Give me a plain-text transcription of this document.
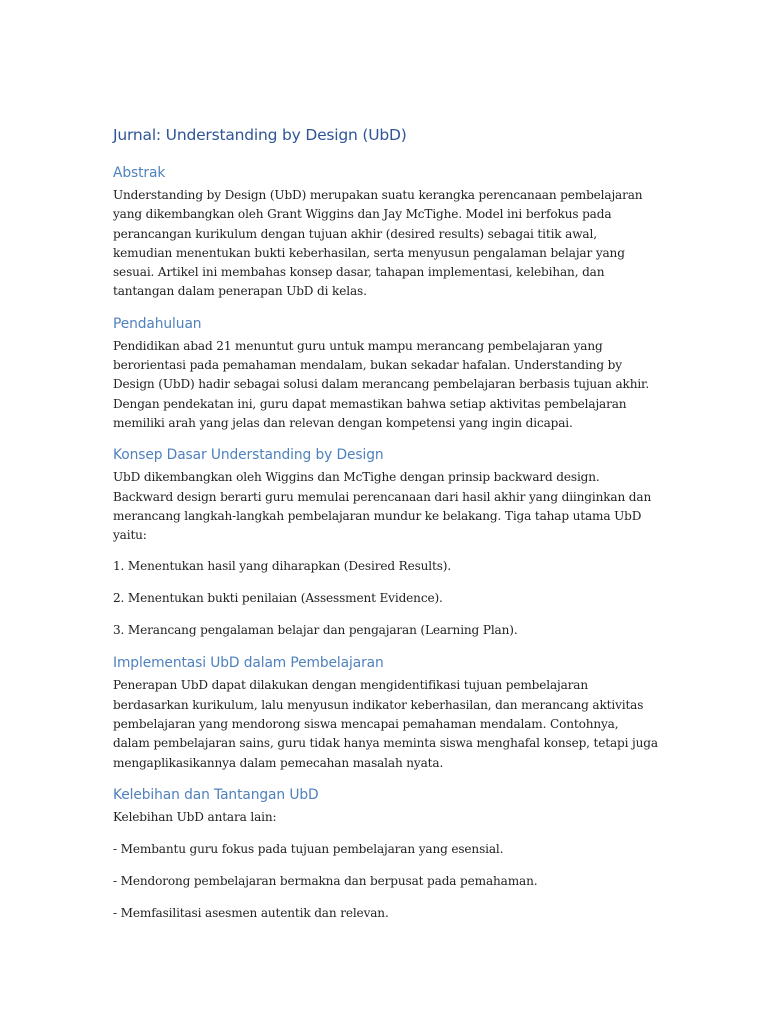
Jurnal: Understanding by Design (UbD)
Abstrak

Understanding by Design (UbD) merupakan suatu kerangka perencanaan pembelajaran yang dikembangkan oleh Grant Wiggins dan Jay McTighe. Model ini berfokus pada perancangan kurikulum dengan tujuan akhir (desired results) sebagai titik awal, kemudian menentukan bukti keberhasilan, serta menyusun pengalaman belajar yang sesuai. Artikel ini membahas konsep dasar, tahapan implementasi, kelebihan, dan tantangan dalam penerapan UbD di kelas.

Pendahuluan

Pendidikan abad 21 menuntut guru untuk mampu merancang pembelajaran yang berorientasi pada pemahaman mendalam, bukan sekadar hafalan. Understanding by Design (UbD) hadir sebagai solusi dalam merancang pembelajaran berbasis tujuan akhir. Dengan pendekatan ini, guru dapat memastikan bahwa setiap aktivitas pembelajaran memiliki arah yang jelas dan relevan dengan kompetensi yang ingin dicapai.

Konsep Dasar Understanding by Design

UbD dikembangkan oleh Wiggins dan McTighe dengan prinsip backward design. Backward design berarti guru memulai perencanaan dari hasil akhir yang diinginkan dan merancang langkah-langkah pembelajaran mundur ke belakang. Tiga tahap utama UbD yaitu:

1. Menentukan hasil yang diharapkan (Desired Results).

2. Menentukan bukti penilaian (Assessment Evidence).

3. Merancang pengalaman belajar dan pengajaran (Learning Plan).

Implementasi UbD dalam Pembelajaran

Penerapan UbD dapat dilakukan dengan mengidentifikasi tujuan pembelajaran berdasarkan kurikulum, lalu menyusun indikator keberhasilan, dan merancang aktivitas pembelajaran yang mendorong siswa mencapai pemahaman mendalam. Contohnya, dalam pembelajaran sains, guru tidak hanya meminta siswa menghafal konsep, tetapi juga mengaplikasikannya dalam pemecahan masalah nyata.

Kelebihan dan Tantangan UbD

Kelebihan UbD antara lain:

- Membantu guru fokus pada tujuan pembelajaran yang esensial.

- Mendorong pembelajaran bermakna dan berpusat pada pemahaman.

- Memfasilitasi asesmen autentik dan relevan.
